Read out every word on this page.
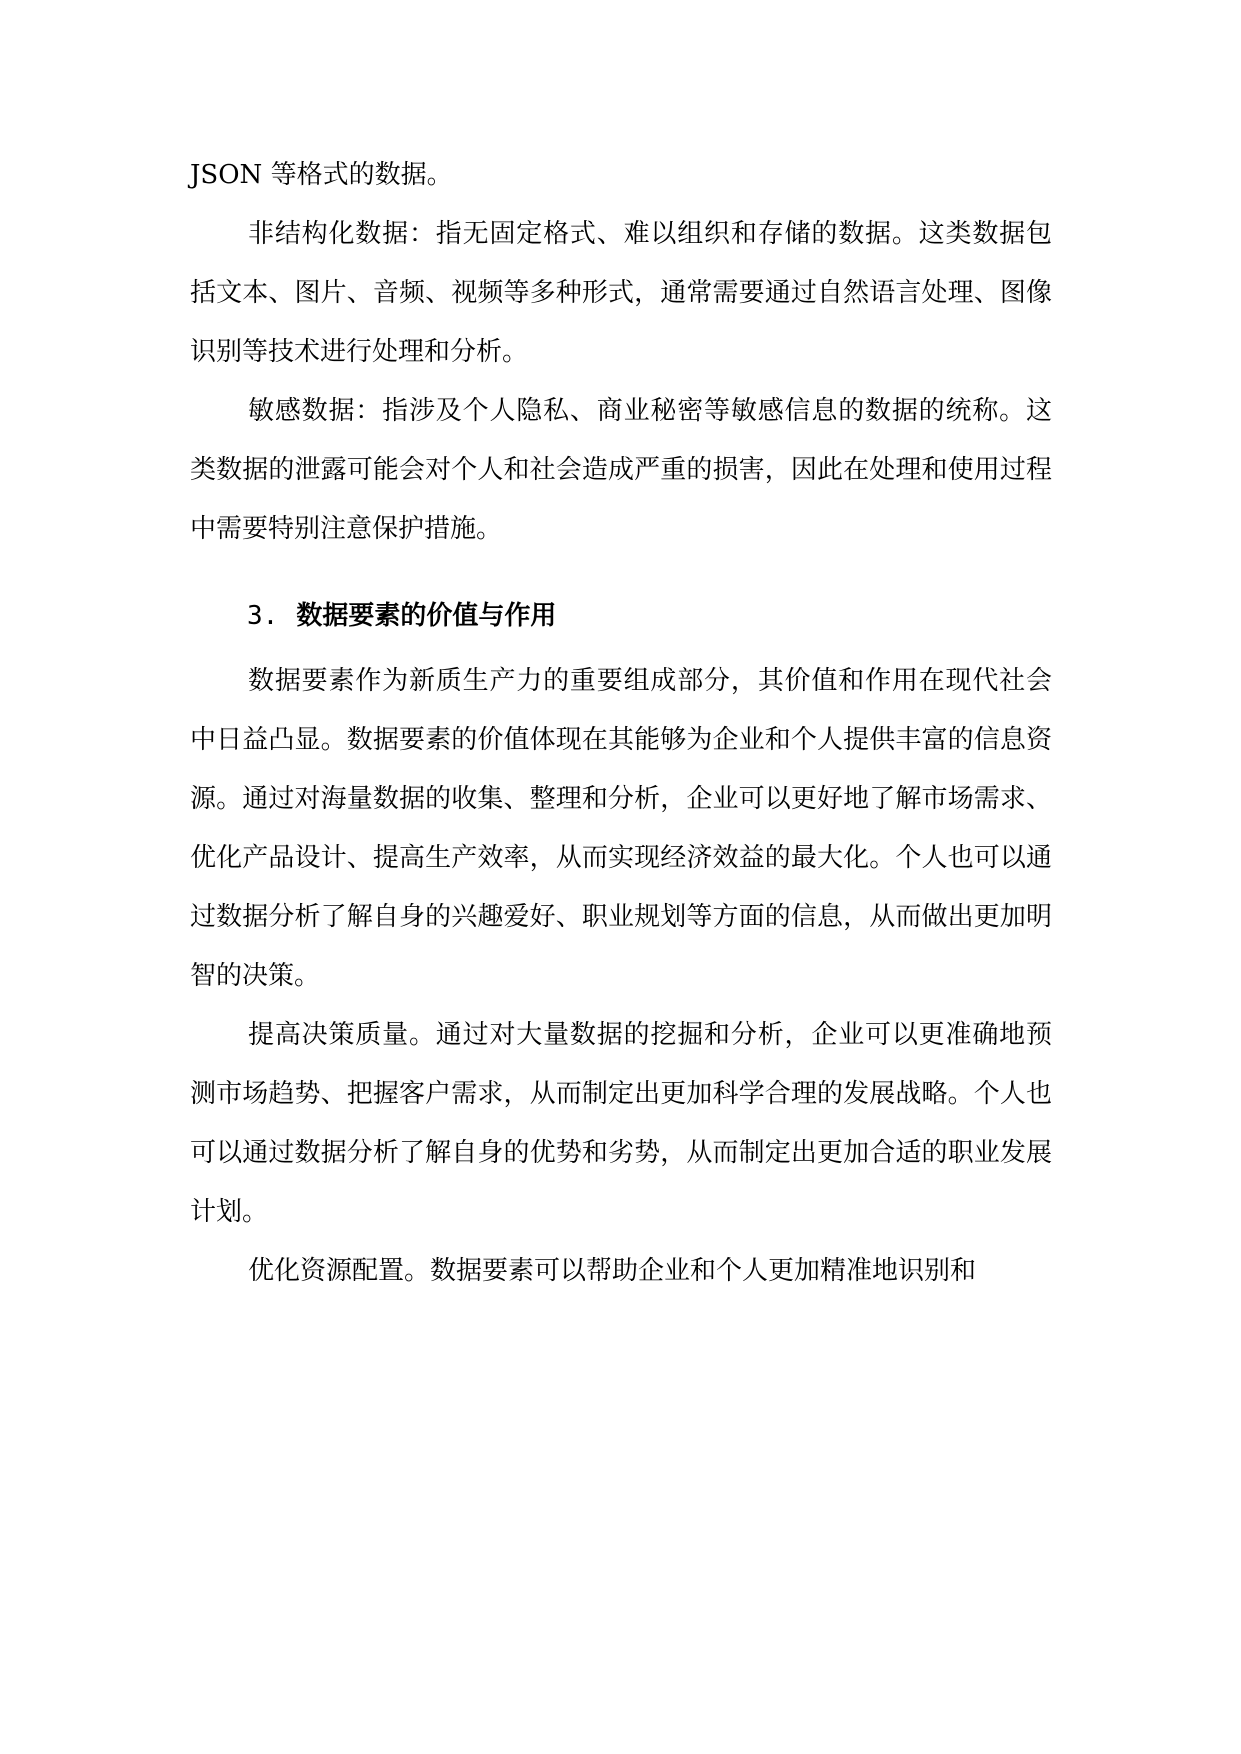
JSON 等格式的数据。

非结构化数据：指无固定格式、难以组织和存储的数据。这类数据包括文本、图片、音频、视频等多种形式，通常需要通过自然语言处理、图像识别等技术进行处理和分析。

敏感数据：指涉及个人隐私、商业秘密等敏感信息的数据的统称。这类数据的泄露可能会对个人和社会造成严重的损害，因此在处理和使用过程中需要特别注意保护措施。

3. 数据要素的价值与作用

数据要素作为新质生产力的重要组成部分，其价值和作用在现代社会中日益凸显。数据要素的价值体现在其能够为企业和个人提供丰富的信息资源。通过对海量数据的收集、整理和分析，企业可以更好地了解市场需求、优化产品设计、提高生产效率，从而实现经济效益的最大化。个人也可以通过数据分析了解自身的兴趣爱好、职业规划等方面的信息，从而做出更加明智的决策。

提高决策质量。通过对大量数据的挖掘和分析，企业可以更准确地预测市场趋势、把握客户需求，从而制定出更加科学合理的发展战略。个人也可以通过数据分析了解自身的优势和劣势，从而制定出更加合适的职业发展计划。

优化资源配置。数据要素可以帮助企业和个人更加精准地识别和
